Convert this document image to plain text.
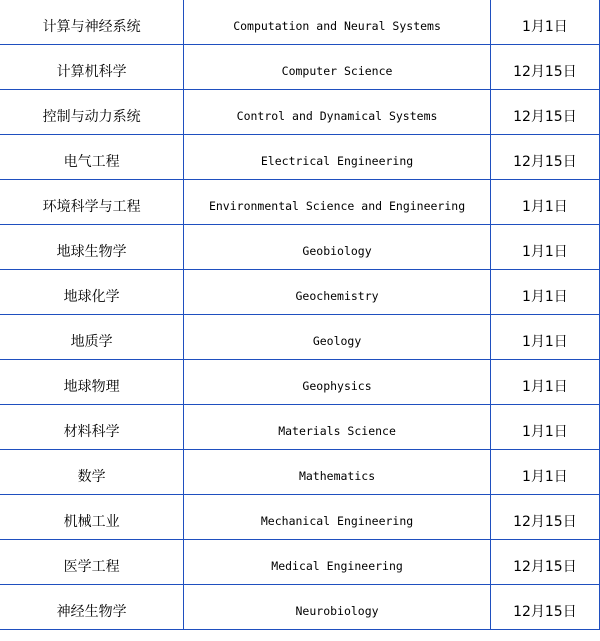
计算与神经系统	Computation and Neural Systems	1月1日
计算机科学	Computer Science	12月15日
控制与动力系统	Control and Dynamical Systems	12月15日
电气工程	Electrical Engineering	12月15日
环境科学与工程	Environmental Science and Engineering	1月1日
地球生物学	Geobiology	1月1日
地球化学	Geochemistry	1月1日
地质学	Geology	1月1日
地球物理	Geophysics	1月1日
材料科学	Materials Science	1月1日
数学	Mathematics	1月1日
机械工业	Mechanical Engineering	12月15日
医学工程	Medical Engineering	12月15日
神经生物学	Neurobiology	12月15日
